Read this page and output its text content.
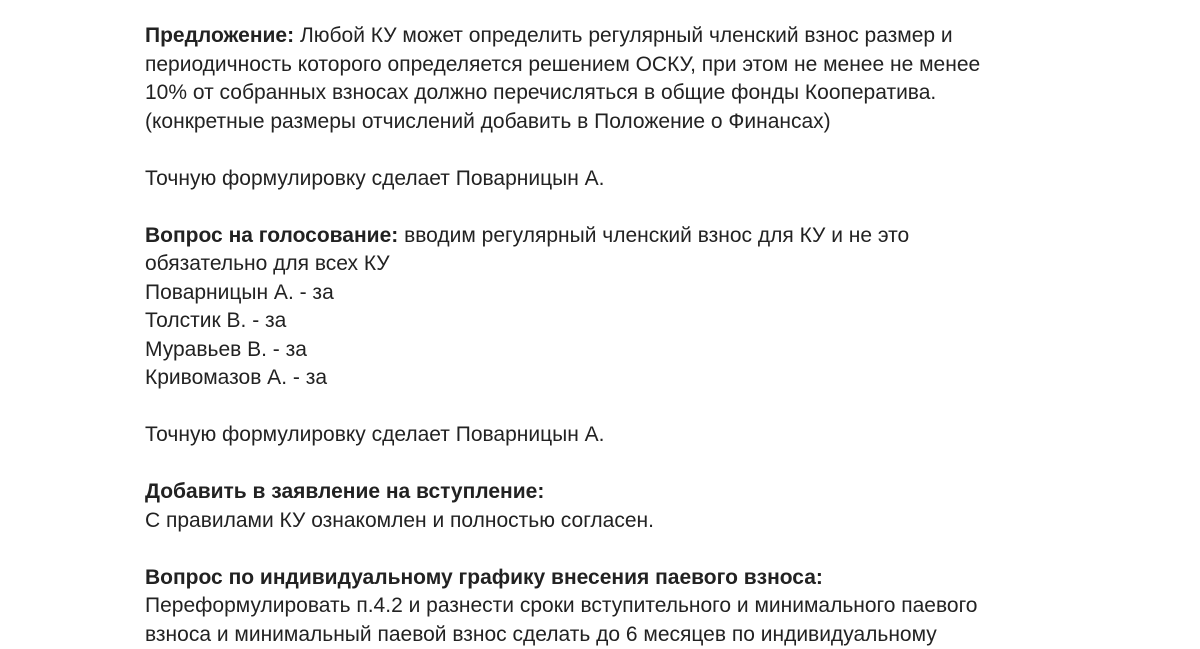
Предложение: Любой КУ может определить регулярный членский взнос размер и
периодичность которого определяется решением ОСКУ, при этом не менее не менее
10% от собранных взносах должно перечисляться в общие фонды Кооператива.
(конкретные размеры отчислений добавить в Положение о Финансах)
Точную формулировку сделает Поварницын А.
Вопрос на голосование: вводим регулярный членский взнос для КУ и не это
обязательно для всех КУ
Поварницын А. - за
Толстик В. - за
Муравьев В. - за
Кривомазов А. - за
Точную формулировку сделает Поварницын А.
Добавить в заявление на вступление:
С правилами КУ ознакомлен и полностью согласен.
Вопрос по индивидуальному графику внесения паевого взноса:
Переформулировать п.4.2 и разнести сроки вступительного и минимального паевого
взноса и минимальный паевой взнос сделать до 6 месяцев по индивидуальному
